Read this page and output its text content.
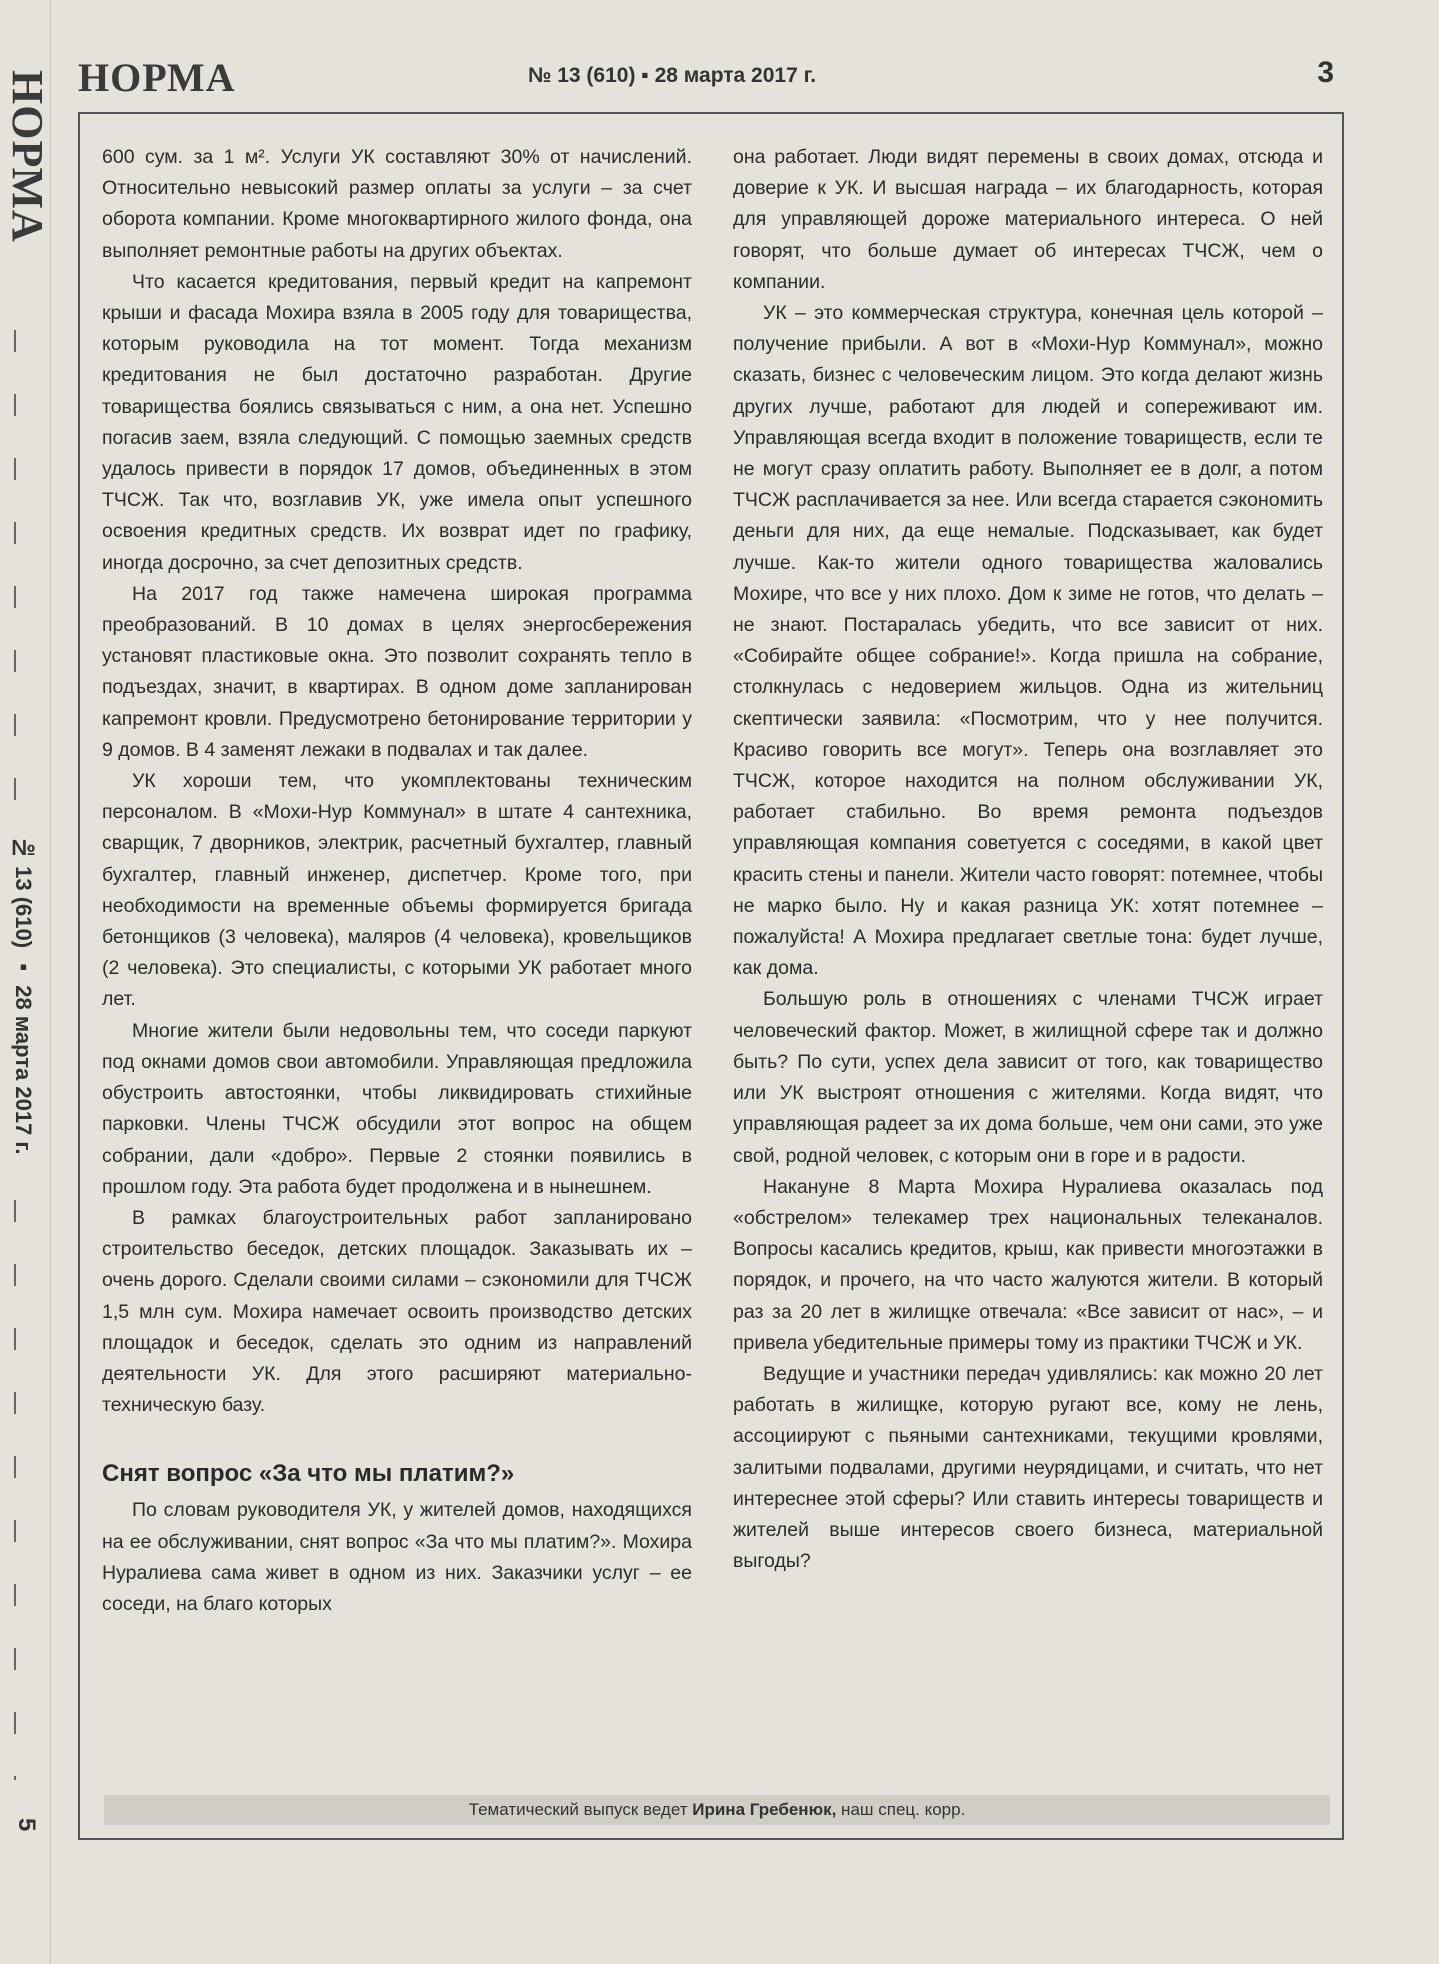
НОРМА
№ 13 (610) ▪ 28 марта 2017 г.
5
НОРМА	№ 13 (610) ▪ 28 марта 2017 г.	3

600 сум. за 1 м². Услуги УК составляют 30% от начислений. Относительно невысокий размер оплаты за услуги – за счет оборота компании. Кроме многоквартирного жилого фонда, она выполняет ремонтные работы на других объектах.

Что касается кредитования, первый кредит на капремонт крыши и фасада Мохира взяла в 2005 году для товарищества, которым руководила на тот момент. Тогда механизм кредитования не был достаточно разработан. Другие товарищества боялись связываться с ним, а она нет. Успешно погасив заем, взяла следующий. С помощью заемных средств удалось привести в порядок 17 домов, объединенных в этом ТЧСЖ. Так что, возглавив УК, уже имела опыт успешного освоения кредитных средств. Их возврат идет по графику, иногда досрочно, за счет депозитных средств.

На 2017 год также намечена широкая программа преобразований. В 10 домах в целях энергосбережения установят пластиковые окна. Это позволит сохранять тепло в подъездах, значит, в квартирах. В одном доме запланирован капремонт кровли. Предусмотрено бетонирование территории у 9 домов. В 4 заменят лежаки в подвалах и так далее.

УК хороши тем, что укомплектованы техническим персоналом. В «Мохи-Нур Коммунал» в штате 4 сантехника, сварщик, 7 дворников, электрик, расчетный бухгалтер, главный бухгалтер, главный инженер, диспетчер. Кроме того, при необходимости на временные объемы формируется бригада бетонщиков (3 человека), маляров (4 человека), кровельщиков (2 человека). Это специалисты, с которыми УК работает много лет.

Многие жители были недовольны тем, что соседи паркуют под окнами домов свои автомобили. Управляющая предложила обустроить автостоянки, чтобы ликвидировать стихийные парковки. Члены ТЧСЖ обсудили этот вопрос на общем собрании, дали «добро». Первые 2 стоянки появились в прошлом году. Эта работа будет продолжена и в нынешнем.

В рамках благоустроительных работ запланировано строительство беседок, детских площадок. Заказывать их – очень дорого. Сделали своими силами – сэкономили для ТЧСЖ 1,5 млн сум. Мохира намечает освоить производство детских площадок и беседок, сделать это одним из направлений деятельности УК. Для этого расширяют материально-техническую базу.

Снят вопрос «За что мы платим?»

По словам руководителя УК, у жителей домов, находящихся на ее обслуживании, снят вопрос «За что мы платим?». Мохира Нуралиева сама живет в одном из них. Заказчики услуг – ее соседи, на благо которых

она работает. Люди видят перемены в своих домах, отсюда и доверие к УК. И высшая награда – их благодарность, которая для управляющей дороже материального интереса. О ней говорят, что больше думает об интересах ТЧСЖ, чем о компании.

УК – это коммерческая структура, конечная цель которой – получение прибыли. А вот в «Мохи-Нур Коммунал», можно сказать, бизнес с человеческим лицом. Это когда делают жизнь других лучше, работают для людей и сопереживают им. Управляющая всегда входит в положение товариществ, если те не могут сразу оплатить работу. Выполняет ее в долг, а потом ТЧСЖ расплачивается за нее. Или всегда старается сэкономить деньги для них, да еще немалые. Подсказывает, как будет лучше. Как-то жители одного товарищества жаловались Мохире, что все у них плохо. Дом к зиме не готов, что делать – не знают. Постаралась убедить, что все зависит от них. «Собирайте общее собрание!». Когда пришла на собрание, столкнулась с недоверием жильцов. Одна из жительниц скептически заявила: «Посмотрим, что у нее получится. Красиво говорить все могут». Теперь она возглавляет это ТЧСЖ, которое находится на полном обслуживании УК, работает стабильно. Во время ремонта подъездов управляющая компания советуется с соседями, в какой цвет красить стены и панели. Жители часто говорят: потемнее, чтобы не марко было. Ну и какая разница УК: хотят потемнее – пожалуйста! А Мохира предлагает светлые тона: будет лучше, как дома.

Большую роль в отношениях с членами ТЧСЖ играет человеческий фактор. Может, в жилищной сфере так и должно быть? По сути, успех дела зависит от того, как товарищество или УК выстроят отношения с жителями. Когда видят, что управляющая радеет за их дома больше, чем они сами, это уже свой, родной человек, с которым они в горе и в радости.

Накануне 8 Марта Мохира Нуралиева оказалась под «обстрелом» телекамер трех национальных телеканалов. Вопросы касались кредитов, крыш, как привести многоэтажки в порядок, и прочего, на что часто жалуются жители. В который раз за 20 лет в жилищке отвечала: «Все зависит от нас», – и привела убедительные примеры тому из практики ТЧСЖ и УК.

Ведущие и участники передач удивлялись: как можно 20 лет работать в жилищке, которую ругают все, кому не лень, ассоциируют с пьяными сантехниками, текущими кровлями, залитыми подвалами, другими неурядицами, и считать, что нет интереснее этой сферы? Или ставить интересы товариществ и жителей выше интересов своего бизнеса, материальной выгоды?

Тематический выпуск ведет Ирина Гребенюк, наш спец. корр.
